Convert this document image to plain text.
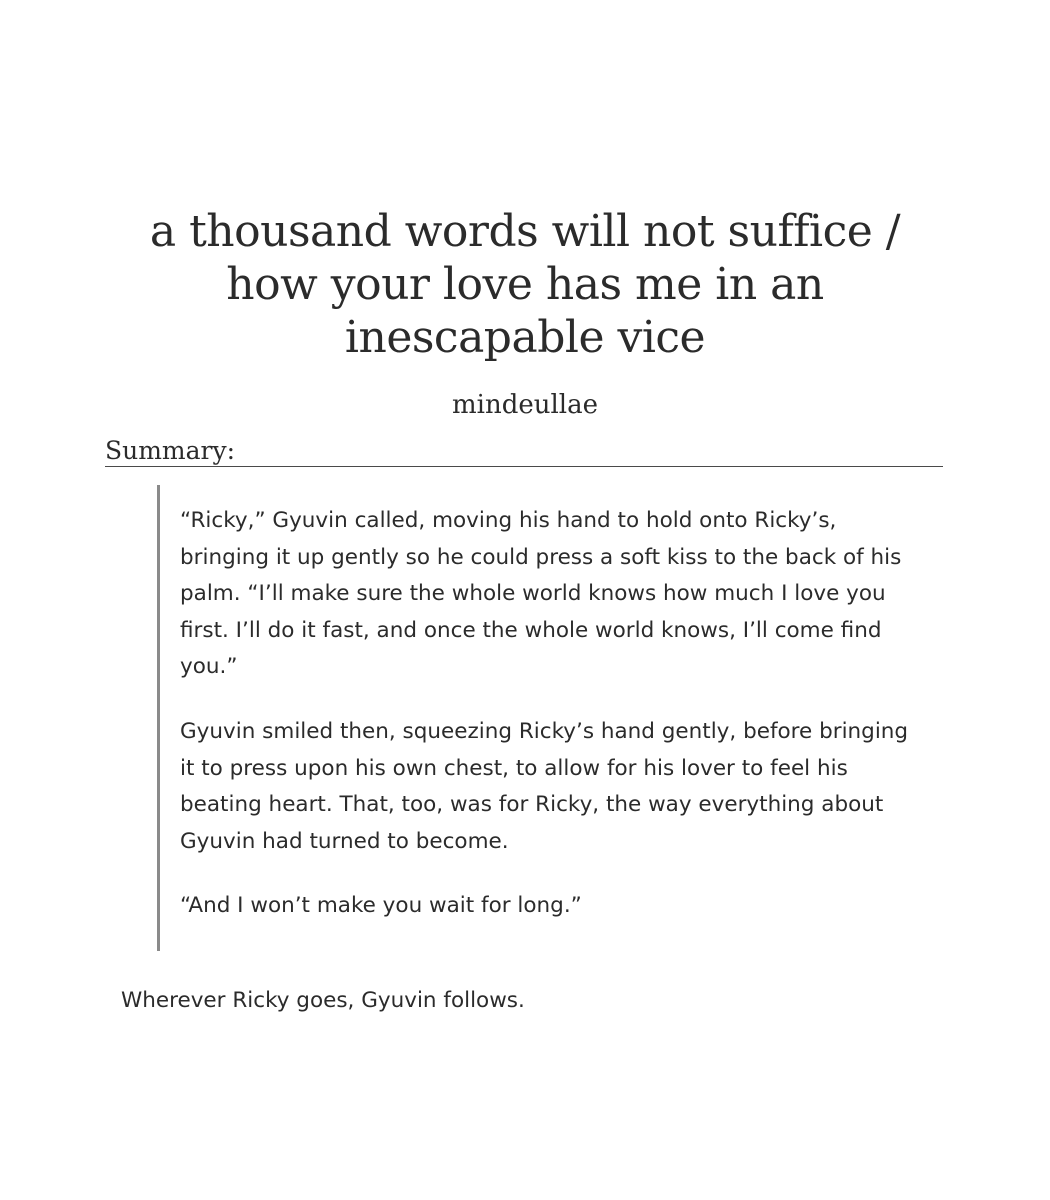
a thousand words will not suffice /
how your love has me in an
inescapable vice
mindeullae
Summary:

“Ricky,” Gyuvin called, moving his hand to hold onto Ricky’s, bringing it up gently so he could press a soft kiss to the back of his palm. “I’ll make sure the whole world knows how much I love you first. I’ll do it fast, and once the whole world knows, I’ll come find you.”

Gyuvin smiled then, squeezing Ricky’s hand gently, before bringing it to press upon his own chest, to allow for his lover to feel his beating heart. That, too, was for Ricky, the way everything about Gyuvin had turned to become.

“And I won’t make you wait for long.”

Wherever Ricky goes, Gyuvin follows.
